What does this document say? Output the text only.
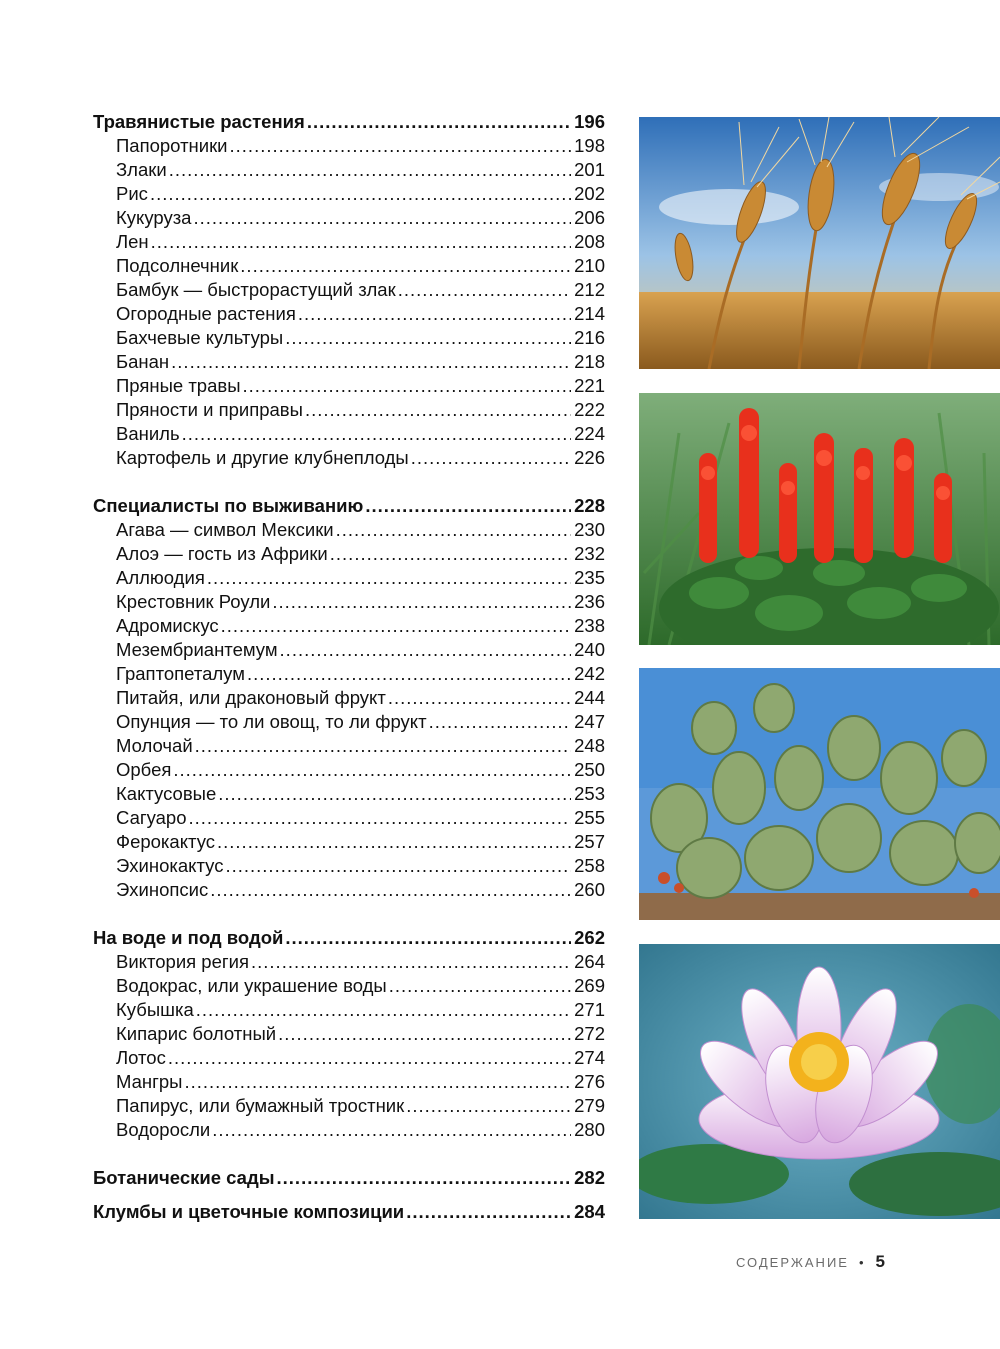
Травянистые растения .....	196
Папоротники .....	198
Злаки .....	201
Рис .....	202
Кукуруза .....	206
Лен .....	208
Подсолнечник .....	210
Бамбук — быстрорастущий злак .....	212
Огородные растения .....	214
Бахчевые культуры .....	216
Банан .....	218
Пряные травы .....	221
Пряности и приправы .....	222
Ваниль .....	224
Картофель и другие клубнеплоды .....	226
Специалисты по выживанию .....	228
Агава — символ Мексики .....	230
Алоэ — гость из Африки .....	232
Аллюодия .....	235
Крестовник Роули .....	236
Адромискус .....	238
Мезембриантемум .....	240
Граптопеталум .....	242
Питайя, или драконовый фрукт .....	244
Опунция — то ли овощ, то ли фрукт .....	247
Молочай .....	248
Орбея .....	250
Кактусовые .....	253
Сагуаро .....	255
Ферокактус .....	257
Эхинокактус .....	258
Эхинопсис .....	260
На воде и под водой .....	262
Виктория регия .....	264
Водокрас, или украшение воды .....	269
Кубышка .....	271
Кипарис болотный .....	272
Лотос .....	274
Мангры .....	276
Папирус, или бумажный тростник .....	279
Водоросли .....	280
Ботанические сады .....	282
Клумбы и цветочные композиции .....	284
СОДЕРЖАНИЕ • 5
